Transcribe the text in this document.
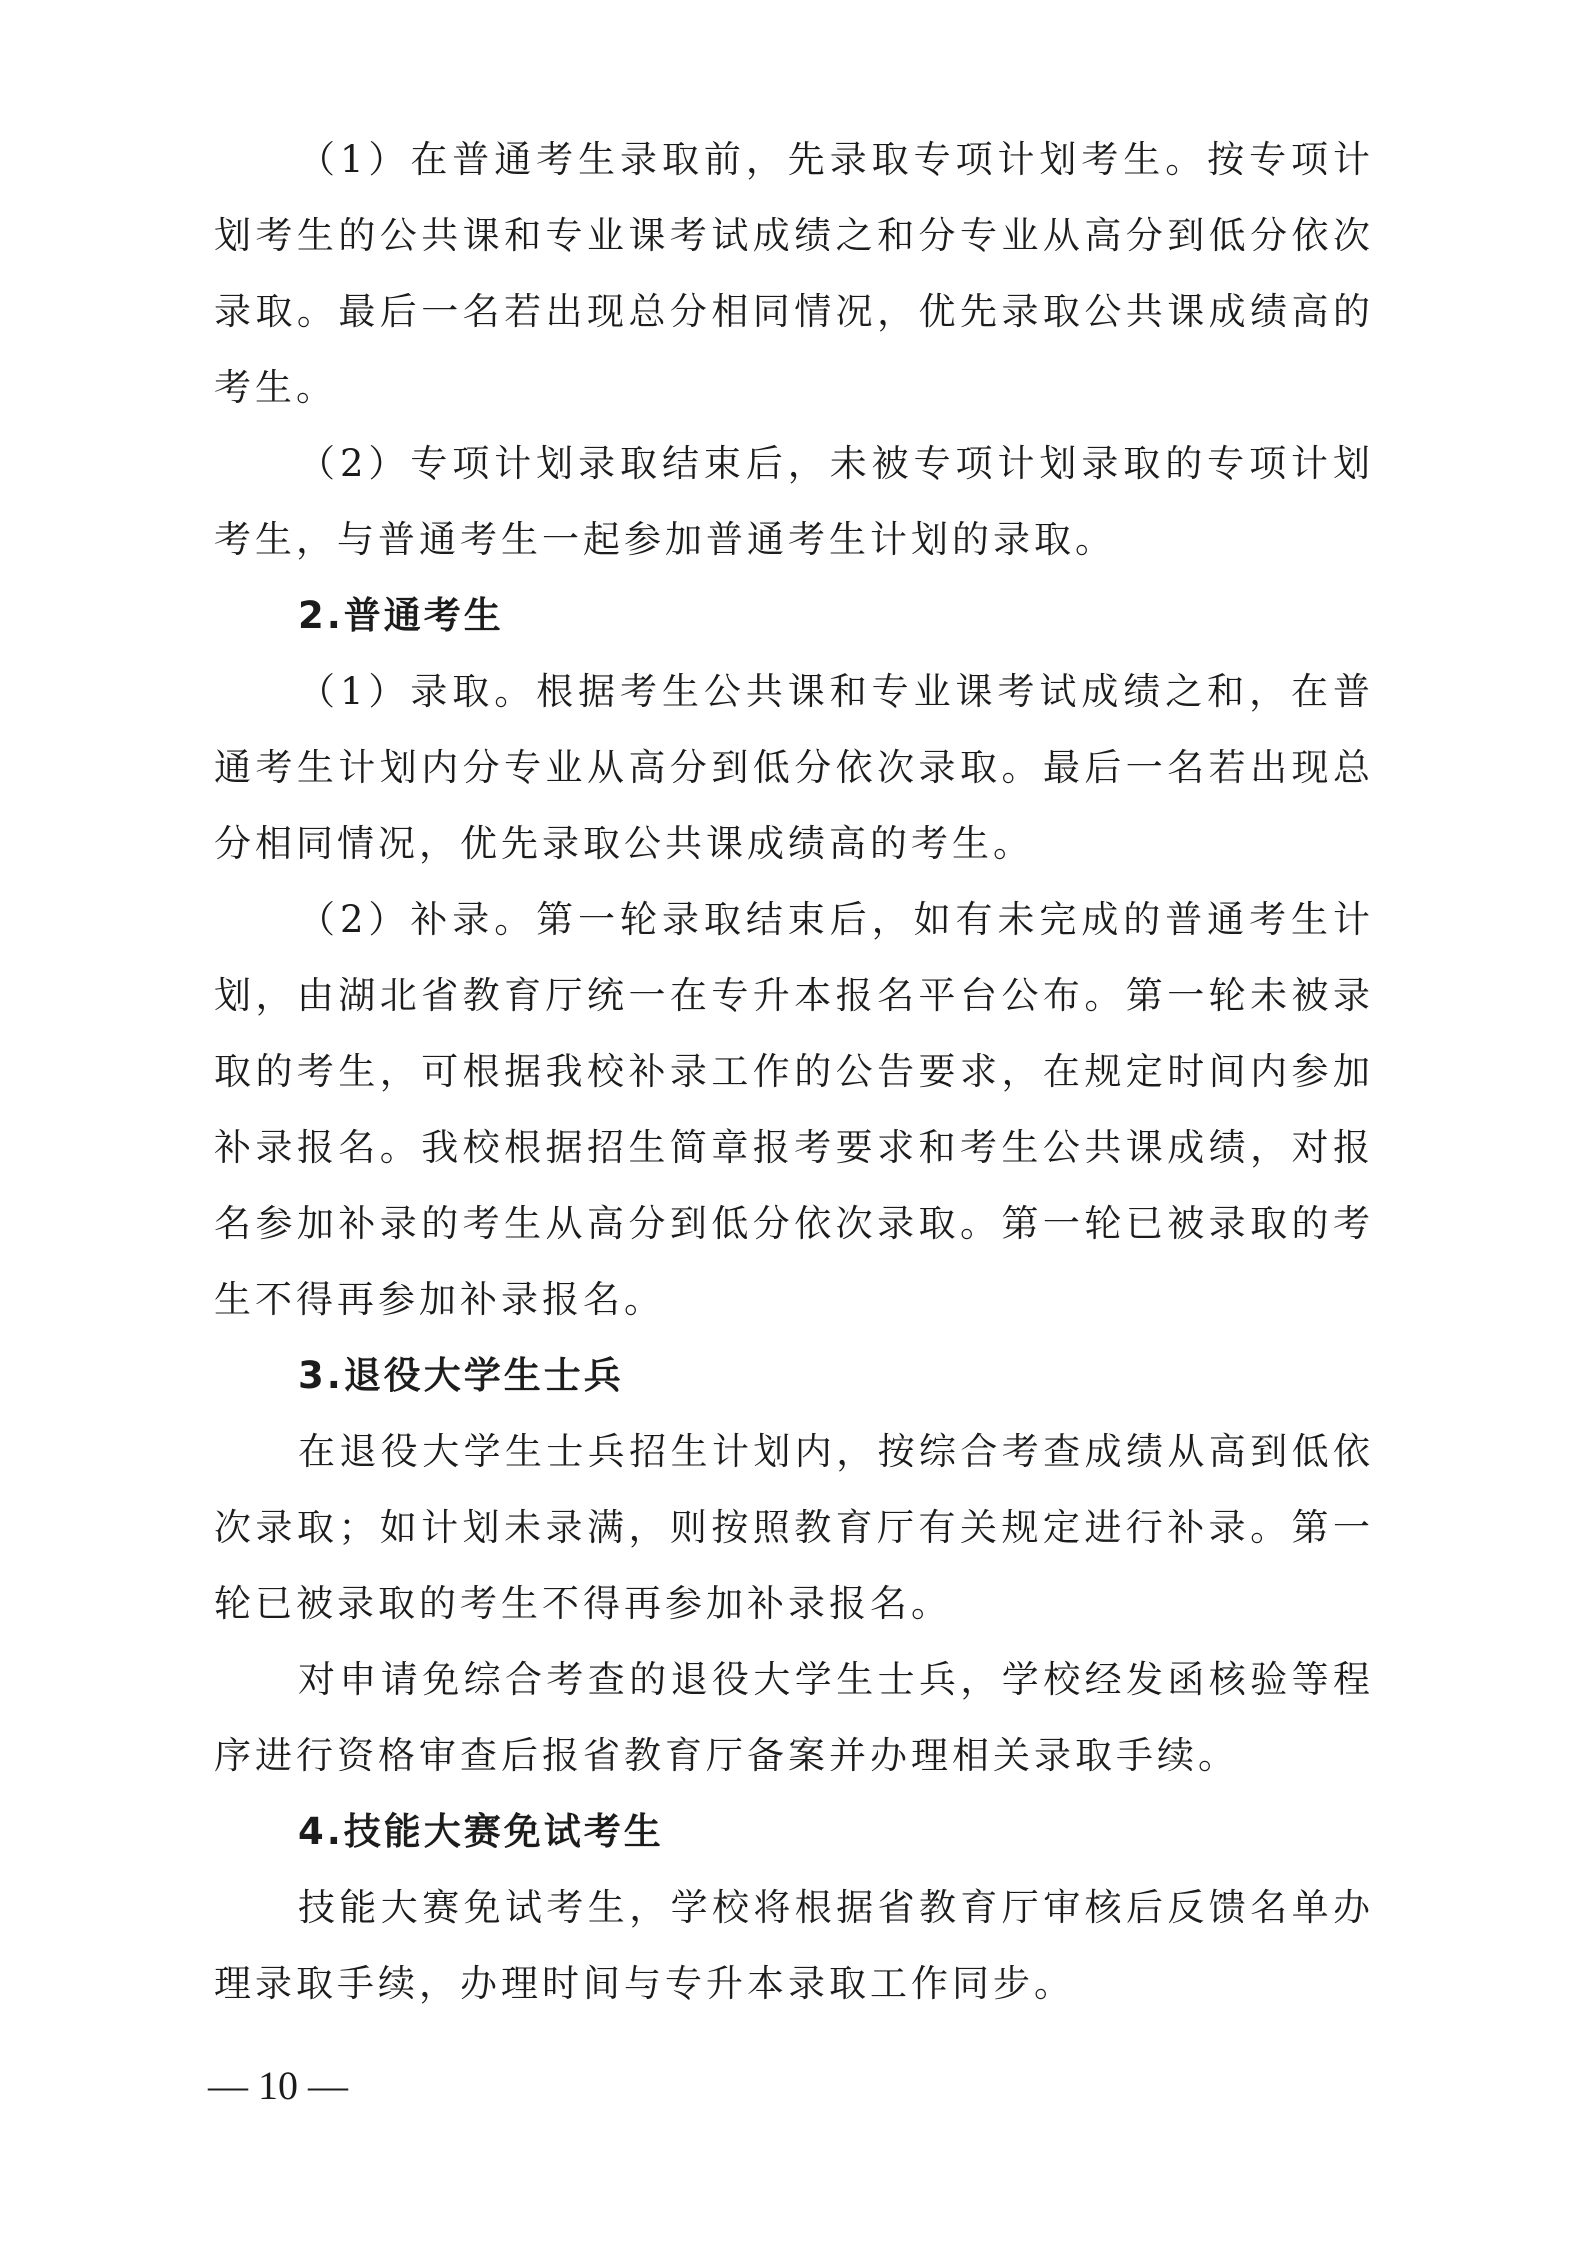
（1）在普通考生录取前，先录取专项计划考生。按专项计划考生的公共课和专业课考试成绩之和分专业从高分到低分依次录取。最后一名若出现总分相同情况，优先录取公共课成绩高的考生。

（2）专项计划录取结束后，未被专项计划录取的专项计划考生，与普通考生一起参加普通考生计划的录取。

2.普通考生

（1）录取。根据考生公共课和专业课考试成绩之和，在普通考生计划内分专业从高分到低分依次录取。最后一名若出现总分相同情况，优先录取公共课成绩高的考生。

（2）补录。第一轮录取结束后，如有未完成的普通考生计划，由湖北省教育厅统一在专升本报名平台公布。第一轮未被录取的考生，可根据我校补录工作的公告要求，在规定时间内参加补录报名。我校根据招生简章报考要求和考生公共课成绩，对报名参加补录的考生从高分到低分依次录取。第一轮已被录取的考生不得再参加补录报名。

3.退役大学生士兵

在退役大学生士兵招生计划内，按综合考查成绩从高到低依次录取；如计划未录满，则按照教育厅有关规定进行补录。第一轮已被录取的考生不得再参加补录报名。

对申请免综合考查的退役大学生士兵，学校经发函核验等程序进行资格审查后报省教育厅备案并办理相关录取手续。

4.技能大赛免试考生

技能大赛免试考生，学校将根据省教育厅审核后反馈名单办理录取手续，办理时间与专升本录取工作同步。

— 10 —
